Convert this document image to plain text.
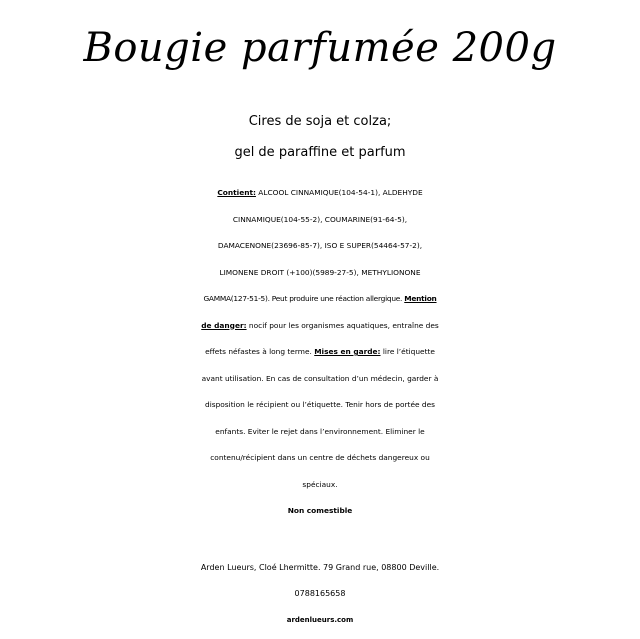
Bougie parfumée 200g
Cires de soja et colza;
gel de paraffine et parfum
Contient: ALCOOL CINNAMIQUE(104-54-1), ALDEHYDE
CINNAMIQUE(104-55-2), COUMARINE(91-64-5),
DAMACENONE(23696-85-7), ISO E SUPER(54464-57-2),
LIMONENE DROIT (+100)(5989-27-5), METHYLIONONE
GAMMA(127-51-5). Peut produire une réaction allergique. Mention
de danger: nocif pour les organismes aquatiques, entraîne des
effets néfastes à long terme. Mises en garde: lire l’étiquette
avant utilisation. En cas de consultation d’un médecin, garder à
disposition le récipient ou l’étiquette. Tenir hors de portée des
enfants. Eviter le rejet dans l’environnement. Eliminer le
contenu/récipient dans un centre de déchets dangereux ou
spéciaux.
Non comestible
Arden Lueurs, Cloé Lhermitte. 79 Grand rue, 08800 Deville.
0788165658
ardenlueurs.com
